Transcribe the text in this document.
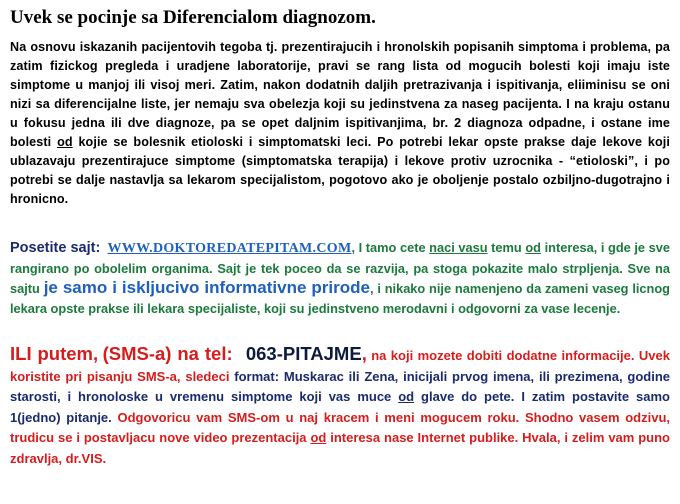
Uvek se pocinje sa Diferencialom diagnozom.
Na osnovu iskazanih pacijentovih tegoba tj. prezentirajucih i hronolskih popisanih simptoma i problema, pa zatim fizickog pregleda i uradjene laboratorije, pravi se rang lista od mogucih bolesti koji imaju iste simptome u manjoj ili visoj meri. Zatim, nakon dodatnih daljih pretrazivanja i ispitivanja, eliiminisu se oni nizi sa diferencijalne liste, jer nemaju sva obelezja koji su jedinstvena za naseg pacijenta. I na kraju ostanu u fokusu jedna ili dve diagnoze, pa se opet daljnim ispitivanjima, br. 2 diagnoza odpadne, i ostane ime bolesti od kojie se bolesnik etioloski i simptomatski leci. Po potrebi lekar opste prakse daje lekove koji ublazavaju prezentirajuce simptome (simptomatska terapija) i lekove protiv uzrocnika - “etioloski”, i po potrebi se dalje nastavlja sa lekarom specijalistom, pogotovo ako je oboljenje postalo ozbiljno-dugotrajno i hronicno.
Posetite sajt: WWW.DOKTOREDATEPITAM.COM, I tamo cete naci vasu temu od interesa, i gde je sve rangirano po obolelim organima. Sajt je tek poceo da se razvija, pa stoga pokazite malo strpljenja. Sve na sajtu je samo i iskljucivo informativne prirode, i nikako nije namenjeno da zameni vaseg licnog lekara opste prakse ili lekara specijaliste, koji su jedinstveno merodavni i odgovorni za vase lecenje.
ILI putem, (SMS-a) na tel: 063-PITAJME, na koji mozete dobiti dodatne informacije. Uvek koristite pri pisanju SMS-a, sledeci format: Muskarac ili Zena, inicijali prvog imena, ili prezimena, godine starosti, i hronoloske u vremenu simptome koji vas muce od glave do pete. I zatim postavite samo 1(jedno) pitanje. Odgovoricu vam SMS-om u naj kracem i meni mogucem roku. Shodno vasem odzivu, trudicu se i postavljacu nove video prezentacija od interesa nase Internet publike. Hvala, i zelim vam puno zdravlja, dr.VIS.
